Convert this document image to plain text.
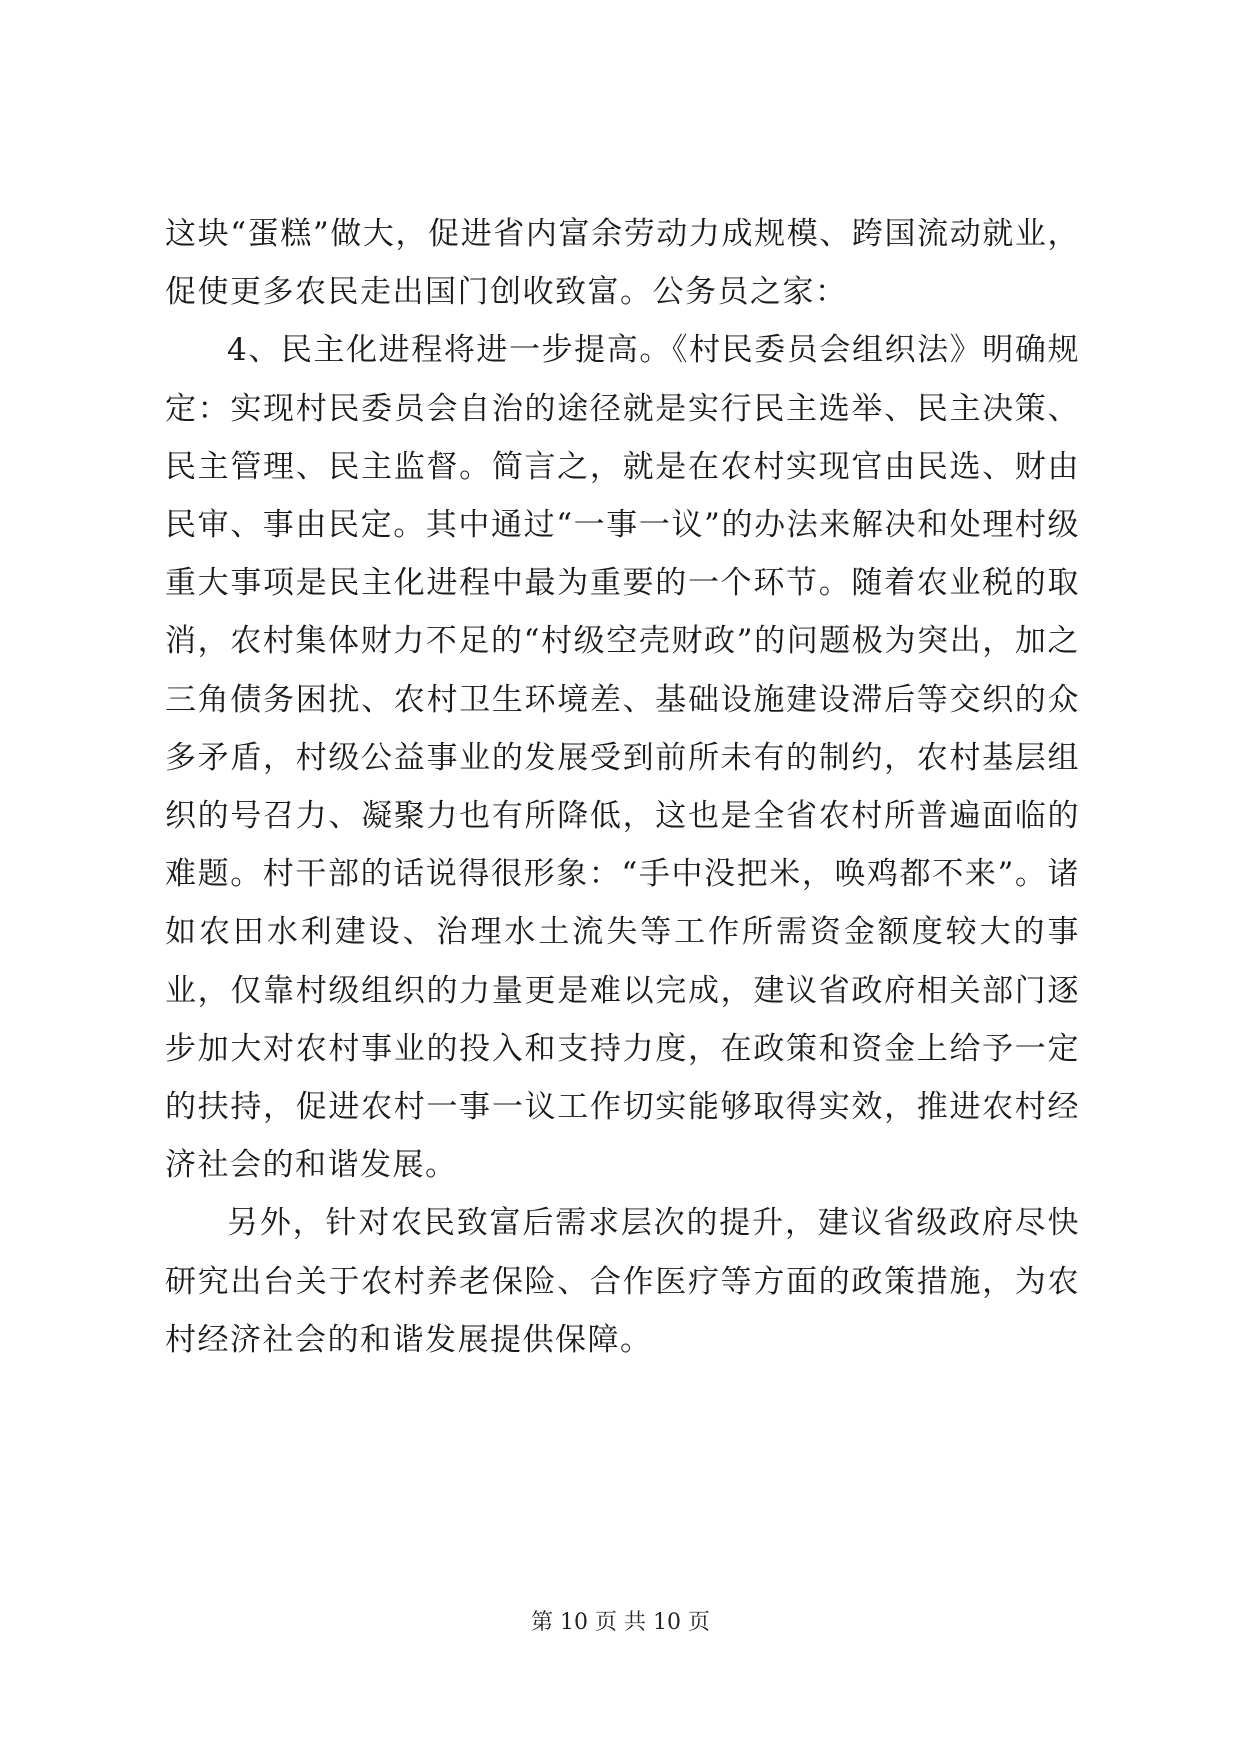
这块“蛋糕”做大，促进省内富余劳动力成规模、跨国流动就业，促使更多农民走出国门创收致富。公务员之家：

4、民主化进程将进一步提高。《村民委员会组织法》明确规定：实现村民委员会自治的途径就是实行民主选举、民主决策、民主管理、民主监督。简言之，就是在农村实现官由民选、财由民审、事由民定。其中通过“一事一议”的办法来解决和处理村级重大事项是民主化进程中最为重要的一个环节。随着农业税的取消，农村集体财力不足的“村级空壳财政”的问题极为突出，加之三角债务困扰、农村卫生环境差、基础设施建设滞后等交织的众多矛盾，村级公益事业的发展受到前所未有的制约，农村基层组织的号召力、凝聚力也有所降低，这也是全省农村所普遍面临的难题。村干部的话说得很形象：“手中没把米，唤鸡都不来”。诸如农田水利建设、治理水土流失等工作所需资金额度较大的事业，仅靠村级组织的力量更是难以完成，建议省政府相关部门逐步加大对农村事业的投入和支持力度，在政策和资金上给予一定的扶持，促进农村一事一议工作切实能够取得实效，推进农村经济社会的和谐发展。

另外，针对农民致富后需求层次的提升，建议省级政府尽快研究出台关于农村养老保险、合作医疗等方面的政策措施，为农村经济社会的和谐发展提供保障。

第 10 页 共 10 页
